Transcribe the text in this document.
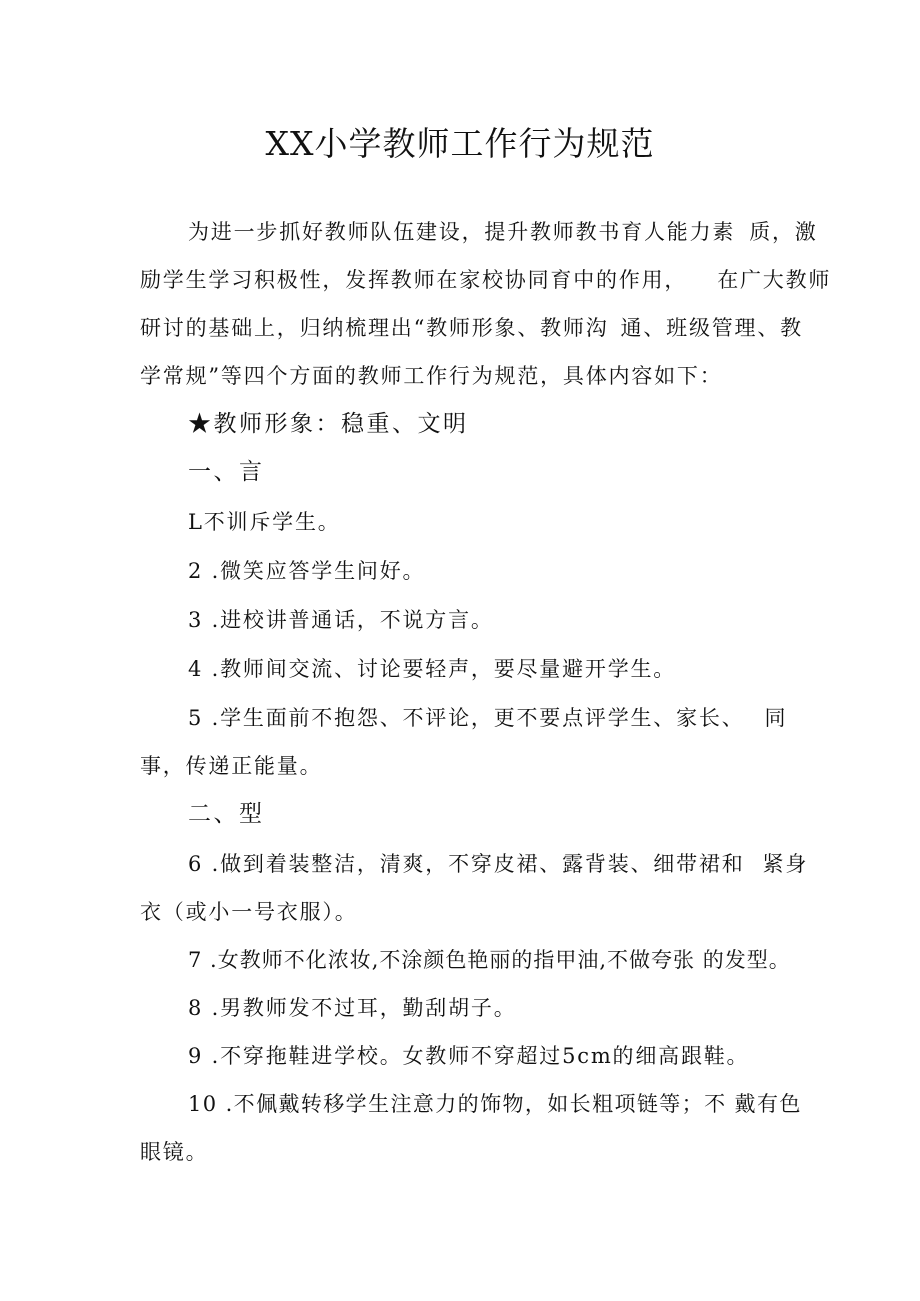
XX小学教师工作行为规范
为进一步抓好教师队伍建设，提升教师教书育人能力素 质，激
励学生学习积极性，发挥教师在家校协同育中的作用， 在广大教师
研讨的基础上，归纳梳理出“教师形象、教师沟 通、班级管理、教
学常规”等四个方面的教师工作行为规范，具体内容如下：
★教师形象：稳重、文明
一、言
L不训斥学生。
2 .微笑应答学生问好。
3 .进校讲普通话，不说方言。
4 .教师间交流、讨论要轻声，要尽量避开学生。
5 .学生面前不抱怨、不评论，更不要点评学生、家长、 同
事，传递正能量。
二、型
6 .做到着装整洁，清爽，不穿皮裙、露背装、细带裙和 紧身
衣（或小一号衣服）。
7 .女教师不化浓妆,不涂颜色艳丽的指甲油,不做夸张 的发型。
8 .男教师发不过耳，勤刮胡子。
9 .不穿拖鞋进学校。女教师不穿超过5cm的细高跟鞋。
10 .不佩戴转移学生注意力的饰物，如长粗项链等；不 戴有色
眼镜。
